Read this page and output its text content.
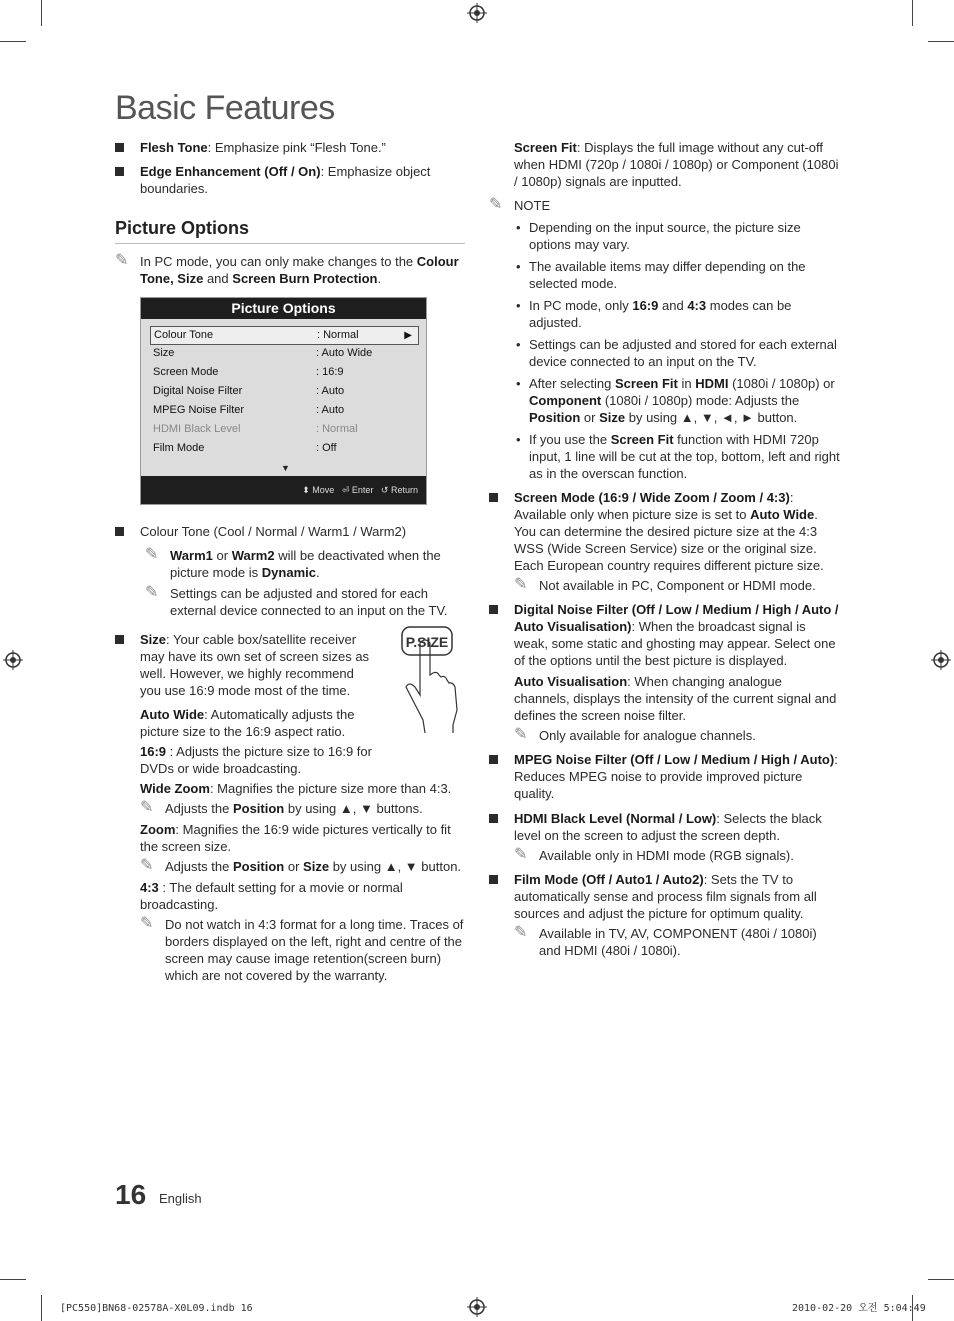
Basic Features
Flesh Tone: Emphasize pink “Flesh Tone.”
Edge Enhancement (Off / On): Emphasize object boundaries.
Picture Options
✎ In PC mode, you can only make changes to the Colour Tone, Size and Screen Burn Protection.
Picture Options
Colour Tone	: Normal	▶
Size	: Auto Wide
Screen Mode	: 16:9
Digital Noise Filter	: Auto
MPEG Noise Filter	: Auto
HDMI Black Level	: Normal
Film Mode	: Off
▼
⬍ Move ⏎ Enter ↺ Return
Colour Tone (Cool / Normal / Warm1 / Warm2)
✎ Warm1 or Warm2 will be deactivated when the picture mode is Dynamic.
✎ Settings can be adjusted and stored for each external device connected to an input on the TV.
Size: Your cable box/satellite receiver may have its own set of screen sizes as well. However, we highly recommend you use 16:9 mode most of the time.
P.SIZE
Auto Wide: Automatically adjusts the picture size to the 16:9 aspect ratio.
16:9 : Adjusts the picture size to 16:9 for DVDs or wide broadcasting.
Wide Zoom: Magnifies the picture size more than 4:3.
✎ Adjusts the Position by using ▲, ▼ buttons.
Zoom: Magnifies the 16:9 wide pictures vertically to fit the screen size.
✎ Adjusts the Position or Size by using ▲, ▼ button.
4:3 : The default setting for a movie or normal broadcasting.
✎ Do not watch in 4:3 format for a long time. Traces of borders displayed on the left, right and centre of the screen may cause image retention(screen burn) which are not covered by the warranty.
Screen Fit: Displays the full image without any cut-off when HDMI (720p / 1080i / 1080p) or Component (1080i / 1080p) signals are inputted.
✎ NOTE
• Depending on the input source, the picture size options may vary.
• The available items may differ depending on the selected mode.
• In PC mode, only 16:9 and 4:3 modes can be adjusted.
• Settings can be adjusted and stored for each external device connected to an input on the TV.
• After selecting Screen Fit in HDMI (1080i / 1080p) or Component (1080i / 1080p) mode: Adjusts the Position or Size by using ▲, ▼, ◄, ► button.
• If you use the Screen Fit function with HDMI 720p input, 1 line will be cut at the top, bottom, left and right as in the overscan function.
Screen Mode (16:9 / Wide Zoom / Zoom / 4:3): Available only when picture size is set to Auto Wide. You can determine the desired picture size at the 4:3 WSS (Wide Screen Service) size or the original size. Each European country requires different picture size.
✎ Not available in PC, Component or HDMI mode.
Digital Noise Filter (Off / Low / Medium / High / Auto / Auto Visualisation): When the broadcast signal is weak, some static and ghosting may appear. Select one of the options until the best picture is displayed.
Auto Visualisation: When changing analogue channels, displays the intensity of the current signal and defines the screen noise filter.
✎ Only available for analogue channels.
MPEG Noise Filter (Off / Low / Medium / High / Auto): Reduces MPEG noise to provide improved picture quality.
HDMI Black Level (Normal / Low): Selects the black level on the screen to adjust the screen depth.
✎ Available only in HDMI mode (RGB signals).
Film Mode (Off / Auto1 / Auto2): Sets the TV to automatically sense and process film signals from all sources and adjust the picture for optimum quality.
✎ Available in TV, AV, COMPONENT (480i / 1080i) and HDMI (480i / 1080i).
16 English
[PC550]BN68-02578A-X0L09.indb 16	2010-02-20 오전 5:04:49
